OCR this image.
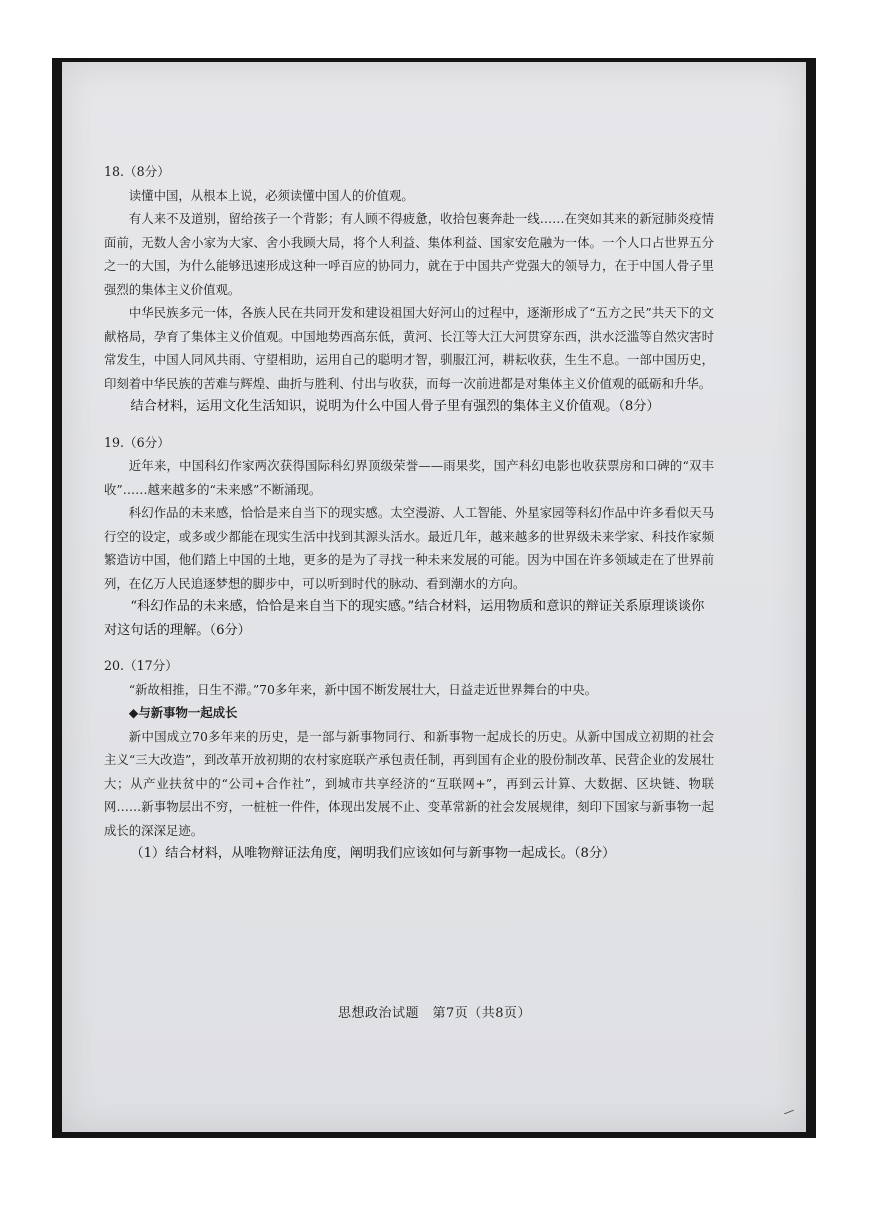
18.（8分）

读懂中国，从根本上说，必须读懂中国人的价值观。

有人来不及道别，留给孩子一个背影；有人顾不得疲惫，收拾包裹奔赴一线……在突如其来的新冠肺炎疫情面前，无数人舍小家为大家、舍小我顾大局，将个人利益、集体利益、国家安危融为一体。一个人口占世界五分之一的大国，为什么能够迅速形成这种一呼百应的协同力，就在于中国共产党强大的领导力，在于中国人骨子里强烈的集体主义价值观。

中华民族多元一体，各族人民在共同开发和建设祖国大好河山的过程中，逐渐形成了“五方之民”共天下的文献格局，孕育了集体主义价值观。中国地势西高东低，黄河、长江等大江大河贯穿东西，洪水泛滥等自然灾害时常发生，中国人同风共雨、守望相助，运用自己的聪明才智，驯服江河，耕耘收获，生生不息。一部中国历史，印刻着中华民族的苦难与辉煌、曲折与胜利、付出与收获，而每一次前进都是对集体主义价值观的砥砺和升华。

结合材料，运用文化生活知识，说明为什么中国人骨子里有强烈的集体主义价值观。（8分）

19.（6分）

近年来，中国科幻作家两次获得国际科幻界顶级荣誉——雨果奖，国产科幻电影也收获票房和口碑的“双丰收”……越来越多的“未来感”不断涌现。

科幻作品的未来感，恰恰是来自当下的现实感。太空漫游、人工智能、外星家园等科幻作品中许多看似天马行空的设定，或多或少都能在现实生活中找到其源头活水。最近几年，越来越多的世界级未来学家、科技作家频繁造访中国，他们踏上中国的土地，更多的是为了寻找一种未来发展的可能。因为中国在许多领域走在了世界前列，在亿万人民追逐梦想的脚步中，可以听到时代的脉动、看到潮水的方向。

“科幻作品的未来感，恰恰是来自当下的现实感。”结合材料，运用物质和意识的辩证关系原理谈谈你对这句话的理解。（6分）

20.（17分）

“新故相推，日生不滞。”70多年来，新中国不断发展壮大，日益走近世界舞台的中央。

◆与新事物一起成长

新中国成立70多年来的历史，是一部与新事物同行、和新事物一起成长的历史。从新中国成立初期的社会主义“三大改造”，到改革开放初期的农村家庭联产承包责任制，再到国有企业的股份制改革、民营企业的发展壮大；从产业扶贫中的“公司+合作社”，到城市共享经济的“互联网+”，再到云计算、大数据、区块链、物联网……新事物层出不穷，一桩桩一件件，体现出发展不止、变革常新的社会发展规律，刻印下国家与新事物一起成长的深深足迹。

（1）结合材料，从唯物辩证法角度，阐明我们应该如何与新事物一起成长。（8分）

思想政治试题　第7页（共8页）
